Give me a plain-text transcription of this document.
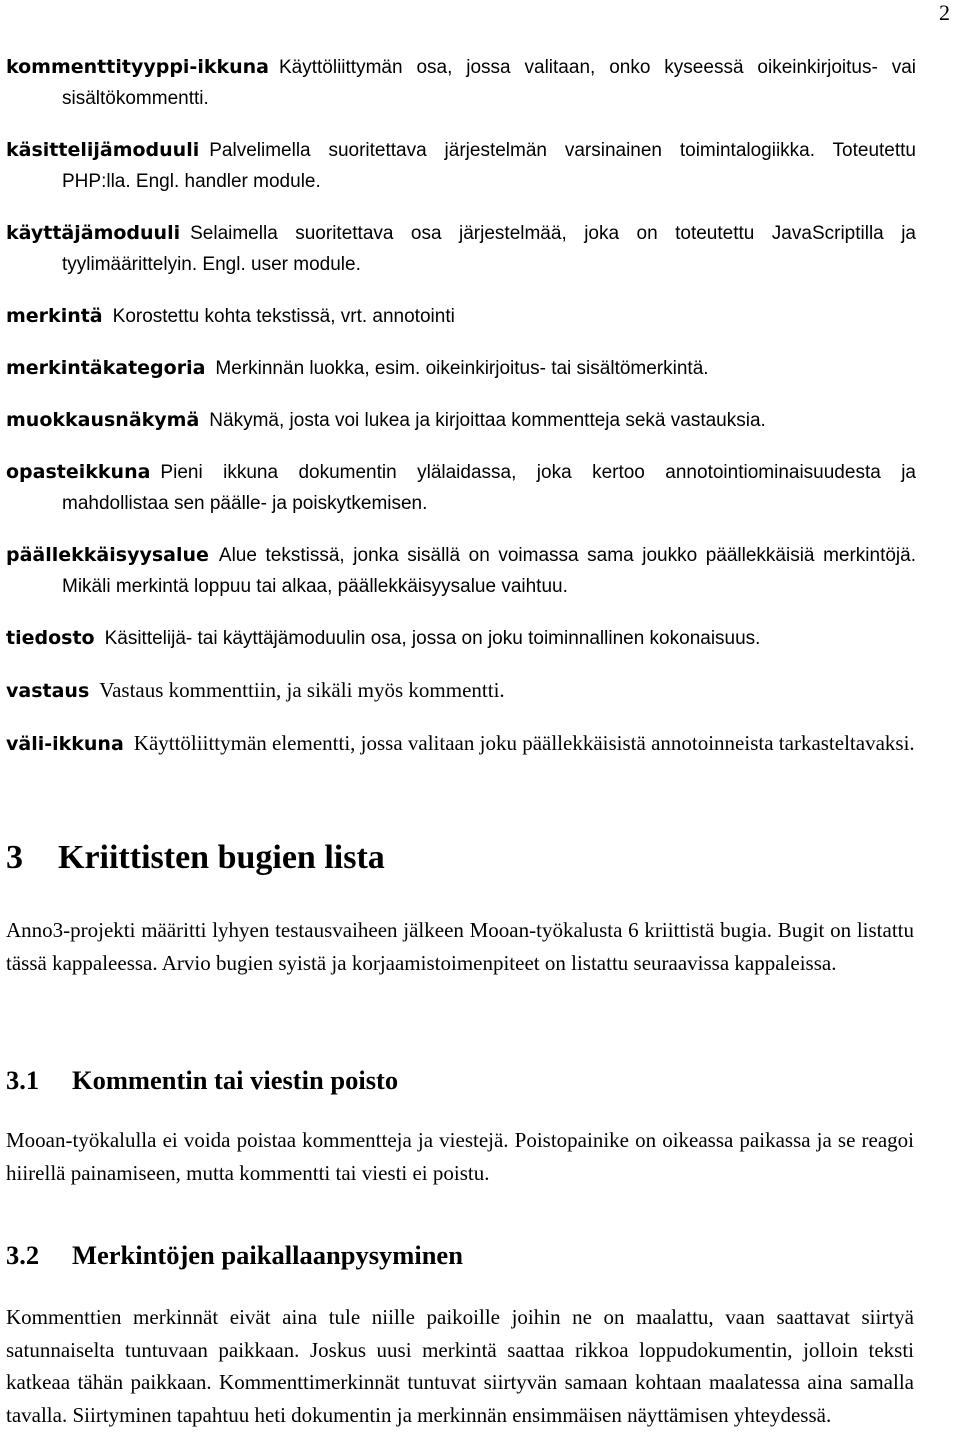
2

kommenttityyppi-ikkuna Käyttöliittymän osa, jossa valitaan, onko kyseessä oikeinkirjoitus- vai sisältökommentti.

käsittelijämoduuli Palvelimella suoritettava järjestelmän varsinainen toimintalogiikka. Toteutettu PHP:lla. Engl. handler module.

käyttäjämoduuli Selaimella suoritettava osa järjestelmää, joka on toteutettu JavaScriptilla ja tyylimäärittelyin. Engl. user module.

merkintä Korostettu kohta tekstissä, vrt. annotointi

merkintäkategoria Merkinnän luokka, esim. oikeinkirjoitus- tai sisältömerkintä.

muokkausnäkymä Näkymä, josta voi lukea ja kirjoittaa kommentteja sekä vastauksia.

opasteikkuna Pieni ikkuna dokumentin ylälaidassa, joka kertoo annotointiominaisuudesta ja mahdollistaa sen päälle- ja poiskytkemisen.

päällekkäisyysalue Alue tekstissä, jonka sisällä on voimassa sama joukko päällekkäisiä merkintöjä. Mikäli merkintä loppuu tai alkaa, päällekkäisyysalue vaihtuu.

tiedosto Käsittelijä- tai käyttäjämoduulin osa, jossa on joku toiminnallinen kokonaisuus.

vastaus Vastaus kommenttiin, ja sikäli myös kommentti.

väli-ikkuna Käyttöliittymän elementti, jossa valitaan joku päällekkäisistä annotoinneista tarkasteltavaksi.

3 Kriittisten bugien lista

Anno3-projekti määritti lyhyen testausvaiheen jälkeen Mooan-työkalusta 6 kriittistä bugia. Bugit on listattu tässä kappaleessa. Arvio bugien syistä ja korjaamistoimenpiteet on listattu seuraavissa kappaleissa.

3.1 Kommentin tai viestin poisto

Mooan-työkalulla ei voida poistaa kommentteja ja viestejä. Poistopainike on oikeassa paikassa ja se reagoi hiirellä painamiseen, mutta kommentti tai viesti ei poistu.

3.2 Merkintöjen paikallaanpysyminen

Kommenttien merkinnät eivät aina tule niille paikoille joihin ne on maalattu, vaan saattavat siirtyä satunnaiselta tuntuvaan paikkaan. Joskus uusi merkintä saattaa rikkoa loppudokumentin, jolloin teksti katkeaa tähän paikkaan. Kommenttimerkinnät tuntuvat siirtyvän samaan kohtaan maalatessa aina samalla tavalla. Siirtyminen tapahtuu heti dokumentin ja merkinnän ensimmäisen näyttämisen yhteydessä.
